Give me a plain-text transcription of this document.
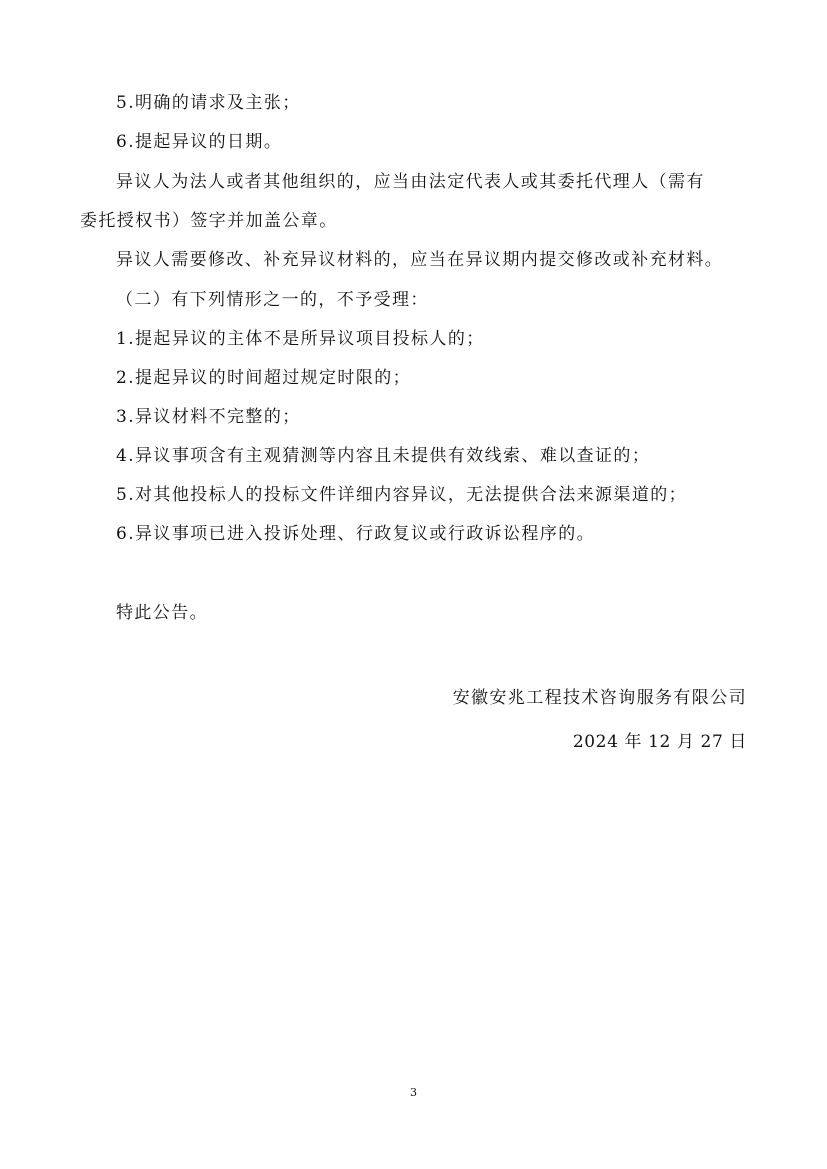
5.明确的请求及主张；
6.提起异议的日期。
异议人为法人或者其他组织的，应当由法定代表人或其委托代理人（需有
委托授权书）签字并加盖公章。
异议人需要修改、补充异议材料的，应当在异议期内提交修改或补充材料。
（二）有下列情形之一的，不予受理：
1.提起异议的主体不是所异议项目投标人的；
2.提起异议的时间超过规定时限的；
3.异议材料不完整的；
4.异议事项含有主观猜测等内容且未提供有效线索、难以查证的；
5.对其他投标人的投标文件详细内容异议，无法提供合法来源渠道的；
6.异议事项已进入投诉处理、行政复议或行政诉讼程序的。
特此公告。
安徽安兆工程技术咨询服务有限公司
2024 年 12 月 27 日
3
